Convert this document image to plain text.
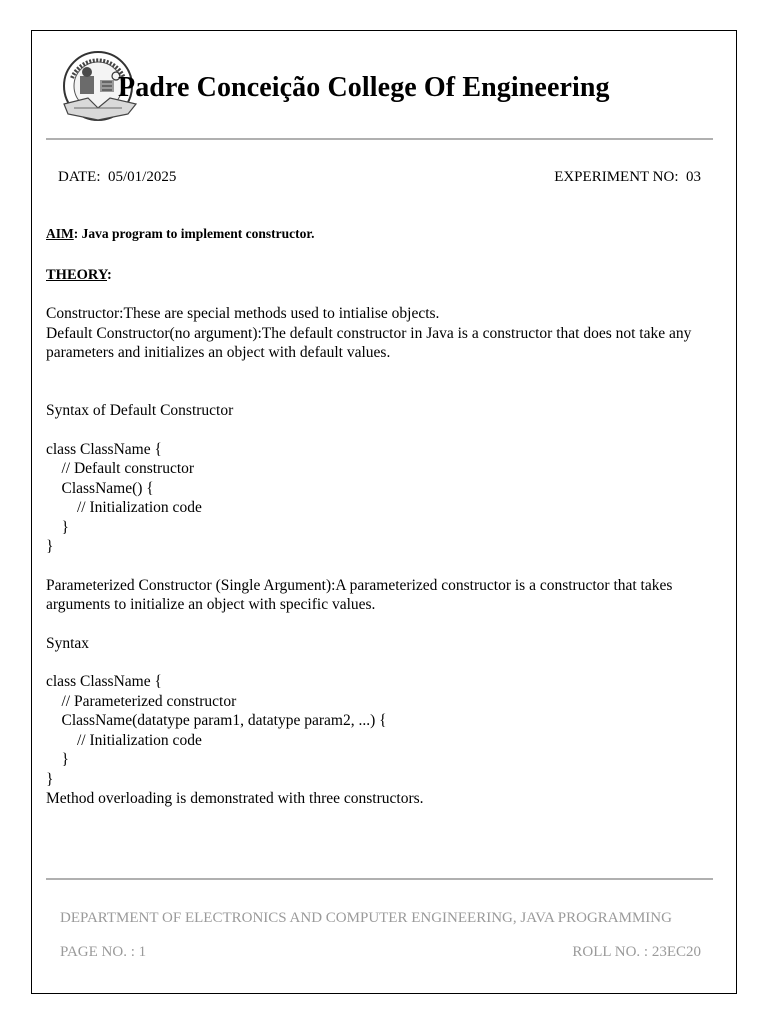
Padre Conceição College Of Engineering
DATE: 05/01/2025	EXPERIMENT NO: 03
AIM: Java program to implement constructor.
THEORY:
Constructor:These are special methods used to intialise objects.
Default Constructor(no argument):The default constructor in Java is a constructor that does not take any parameters and initializes an object with default values.
Syntax of Default Constructor
class ClassName {
// Default constructor
ClassName() {
// Initialization code
}
}
Parameterized Constructor (Single Argument):A parameterized constructor is a constructor that takes arguments to initialize an object with specific values.
Syntax
class ClassName {
// Parameterized constructor
ClassName(datatype param1, datatype param2, ...) {
// Initialization code
}
}
Method overloading is demonstrated with three constructors.
DEPARTMENT OF ELECTRONICS AND COMPUTER ENGINEERING, JAVA PROGRAMMING
PAGE NO. : 1	ROLL NO. : 23EC20
